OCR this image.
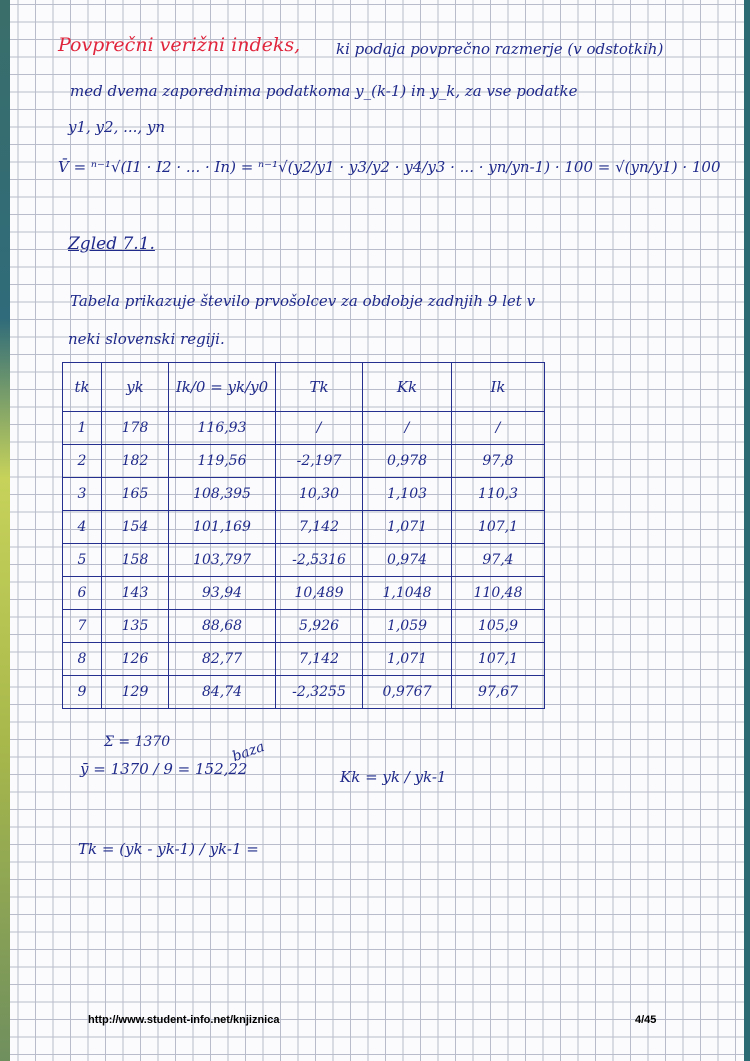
Povprečni verižni indeks, ki podaja povprečno razmerje (v odstotkih)
med dvema zaporednima podatkoma y_(k-1) in y_k, za vse podatke
y1, y2, ..., yn
V̄ = ⁿ⁻¹√(I1 · I2 · ... · In) = ⁿ⁻¹√(y2/y1 · y3/y2 · y4/y3 · ... · yn/yn-1) · 100 = √(yn/y1) · 100
Zgled 7.1.
Tabela prikazuje število prvošolcev za obdobje zadnjih 9 let v
neki slovenski regiji.
tk	yk	Ik/0 = yk/y0	Tk	Kk	Ik
1	178	116,93	/	/	/
2	182	119,56	-2,197	0,978	97,8
3	165	108,395	10,30	1,103	110,3
4	154	101,169	7,142	1,071	107,1
5	158	103,797	-2,5316	0,974	97,4
6	143	93,94	10,489	1,1048	110,48
7	135	88,68	5,926	1,059	105,9
8	126	82,77	7,142	1,071	107,1
9	129	84,74	-2,3255	0,9767	97,67
Σ = 1370
ȳ = 1370 / 9 = 152,22
baza
Kk = yk / yk-1
Tk = (yk - yk-1) / yk-1 =
http://www.student-info.net/knjiznica	4/45
